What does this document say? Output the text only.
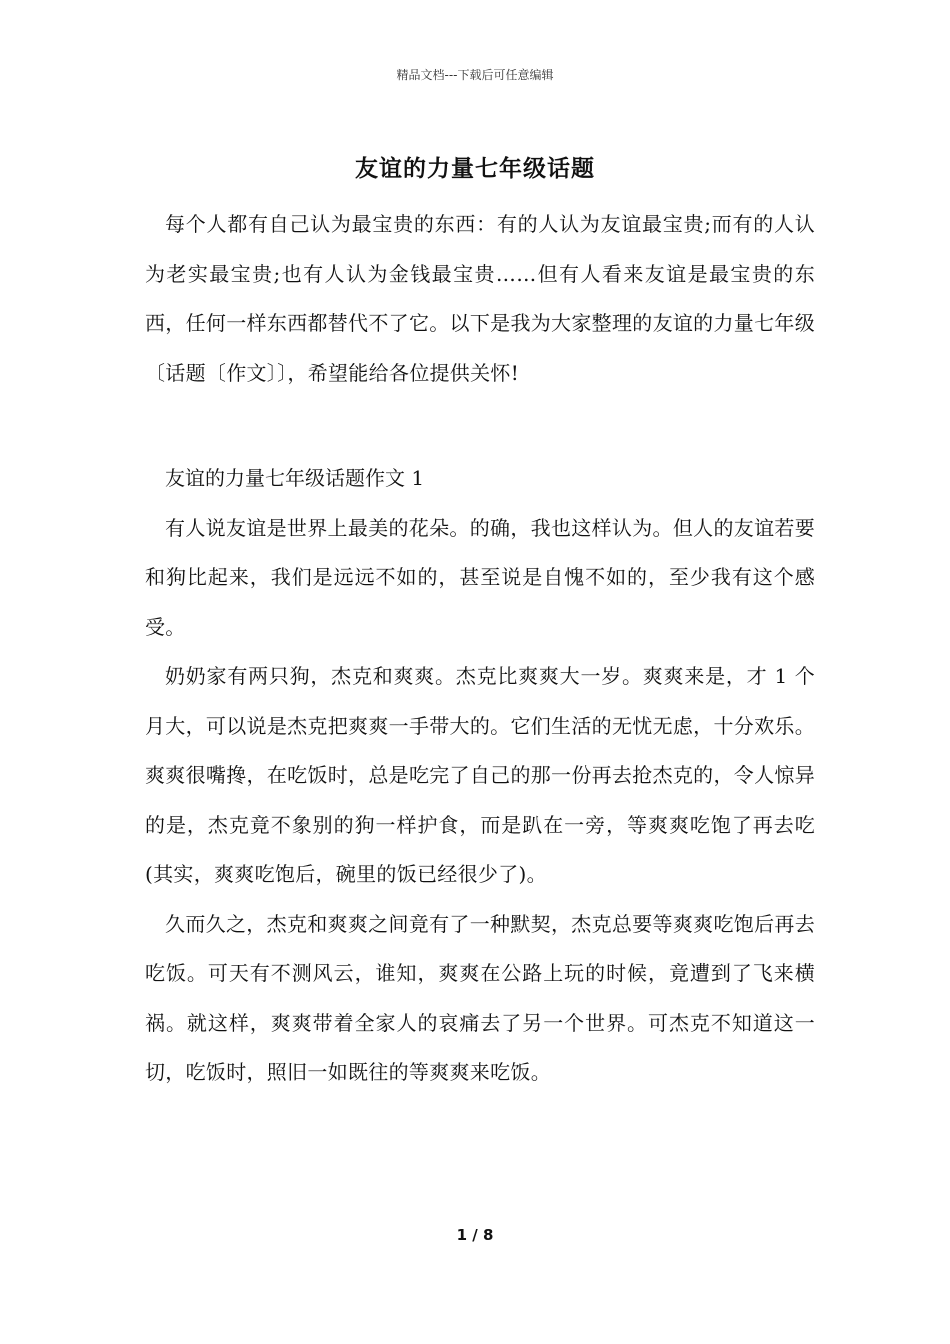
精品文档---下载后可任意编辑
友谊的力量七年级话题

每个人都有自己认为最宝贵的东西：有的人认为友谊最宝贵;而有的人认为老实最宝贵;也有人认为金钱最宝贵……但有人看来友谊是最宝贵的东西，任何一样东西都替代不了它。以下是我为大家整理的友谊的力量七年级〔话题〔作文〕〕，希望能给各位提供关怀!

友谊的力量七年级话题作文 1

有人说友谊是世界上最美的花朵。的确，我也这样认为。但人的友谊若要和狗比起来，我们是远远不如的，甚至说是自愧不如的，至少我有这个感受。

奶奶家有两只狗，杰克和爽爽。杰克比爽爽大一岁。爽爽来是，才 1 个月大，可以说是杰克把爽爽一手带大的。它们生活的无忧无虑，十分欢乐。爽爽很嘴搀，在吃饭时，总是吃完了自己的那一份再去抢杰克的，令人惊异的是，杰克竟不象别的狗一样护食，而是趴在一旁，等爽爽吃饱了再去吃(其实，爽爽吃饱后，碗里的饭已经很少了)。

久而久之，杰克和爽爽之间竟有了一种默契，杰克总要等爽爽吃饱后再去吃饭。可天有不测风云，谁知，爽爽在公路上玩的时候，竟遭到了飞来横祸。就这样，爽爽带着全家人的哀痛去了另一个世界。可杰克不知道这一切，吃饭时，照旧一如既往的等爽爽来吃饭。

1 / 8
